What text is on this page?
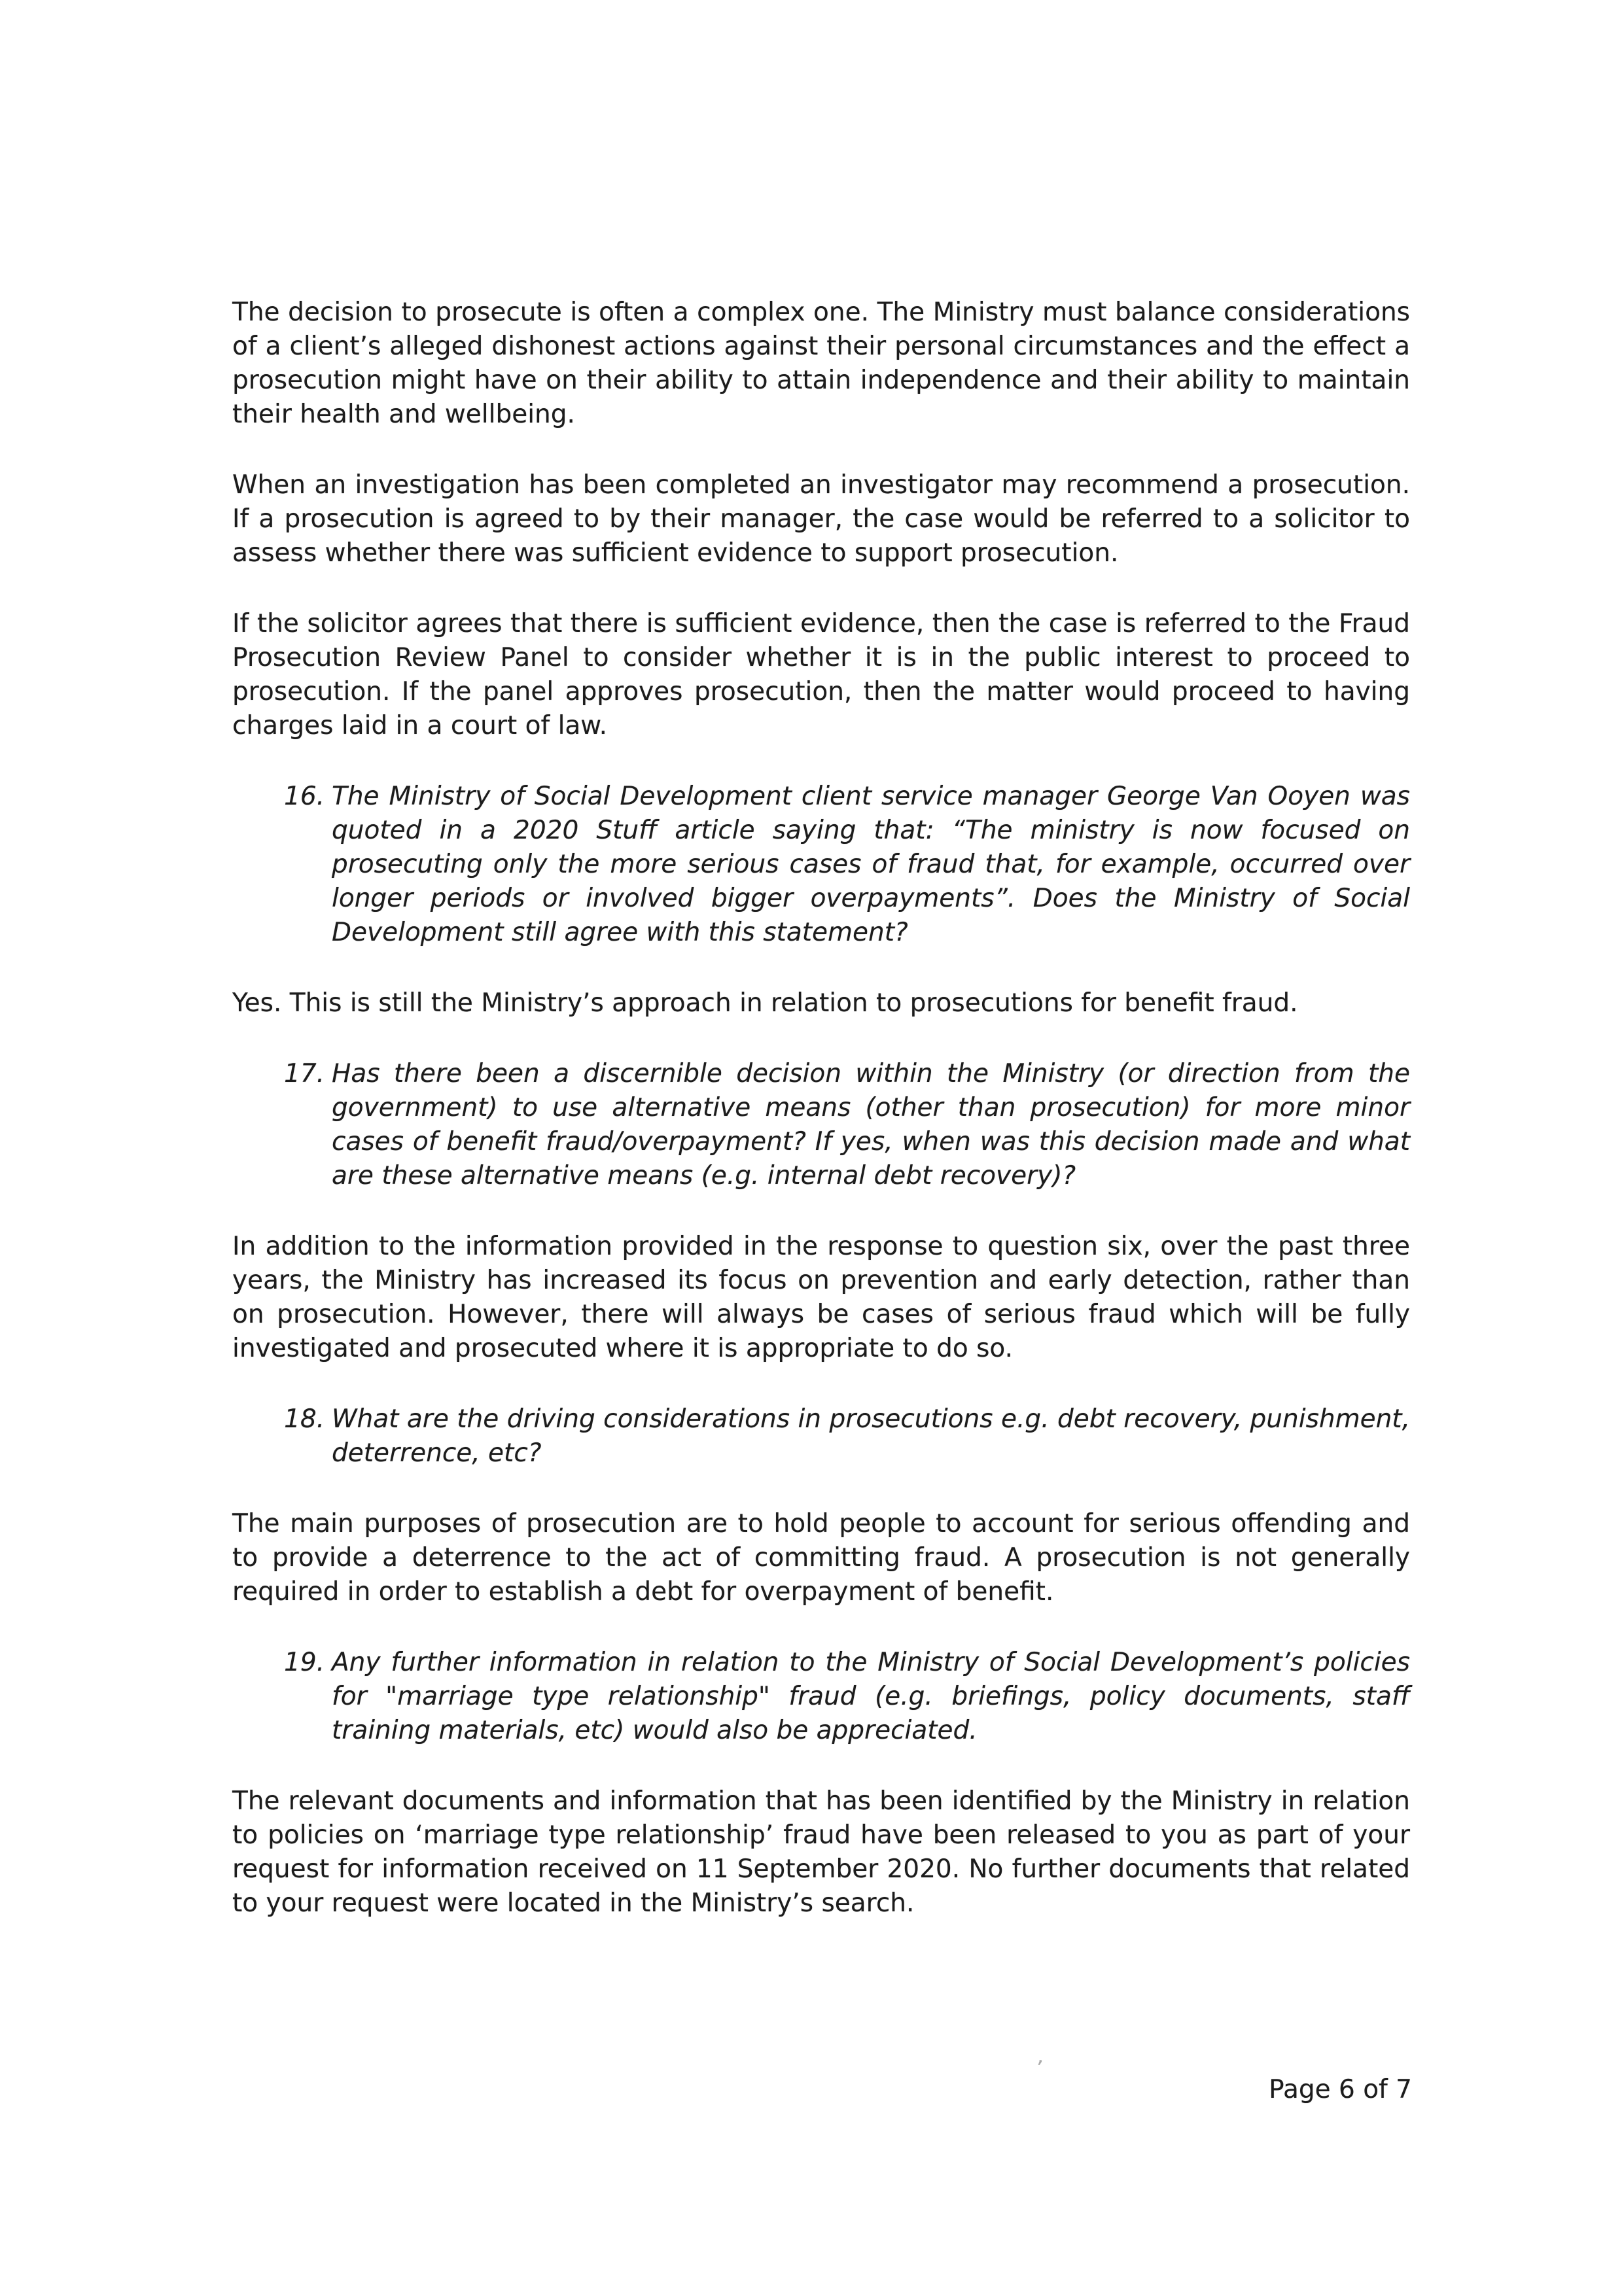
The decision to prosecute is often a complex one. The Ministry must balance considerations of a client’s alleged dishonest actions against their personal circumstances and the effect a prosecution might have on their ability to attain independence and their ability to maintain their health and wellbeing.

When an investigation has been completed an investigator may recommend a prosecution. If a prosecution is agreed to by their manager, the case would be referred to a solicitor to assess whether there was sufficient evidence to support prosecution.

If the solicitor agrees that there is sufficient evidence, then the case is referred to the Fraud Prosecution Review Panel to consider whether it is in the public interest to proceed to prosecution. If the panel approves prosecution, then the matter would proceed to having charges laid in a court of law.

16. The Ministry of Social Development client service manager George Van Ooyen was quoted in a 2020 Stuff article saying that: “The ministry is now focused on prosecuting only the more serious cases of fraud that, for example, occurred over longer periods or involved bigger overpayments”. Does the Ministry of Social Development still agree with this statement?

Yes. This is still the Ministry’s approach in relation to prosecutions for benefit fraud.

17. Has there been a discernible decision within the Ministry (or direction from the government) to use alternative means (other than prosecution) for more minor cases of benefit fraud/overpayment? If yes, when was this decision made and what are these alternative means (e.g. internal debt recovery)?

In addition to the information provided in the response to question six, over the past three years, the Ministry has increased its focus on prevention and early detection, rather than on prosecution. However, there will always be cases of serious fraud which will be fully investigated and prosecuted where it is appropriate to do so.

18. What are the driving considerations in prosecutions e.g. debt recovery, punishment, deterrence, etc?

The main purposes of prosecution are to hold people to account for serious offending and to provide a deterrence to the act of committing fraud. A prosecution is not generally required in order to establish a debt for overpayment of benefit.

19. Any further information in relation to the Ministry of Social Development’s policies for "marriage type relationship" fraud (e.g. briefings, policy documents, staff training materials, etc) would also be appreciated.

The relevant documents and information that has been identified by the Ministry in relation to policies on ‘marriage type relationship’ fraud have been released to you as part of your request for information received on 11 September 2020. No further documents that related to your request were located in the Ministry’s search.

’
Page 6 of 7
